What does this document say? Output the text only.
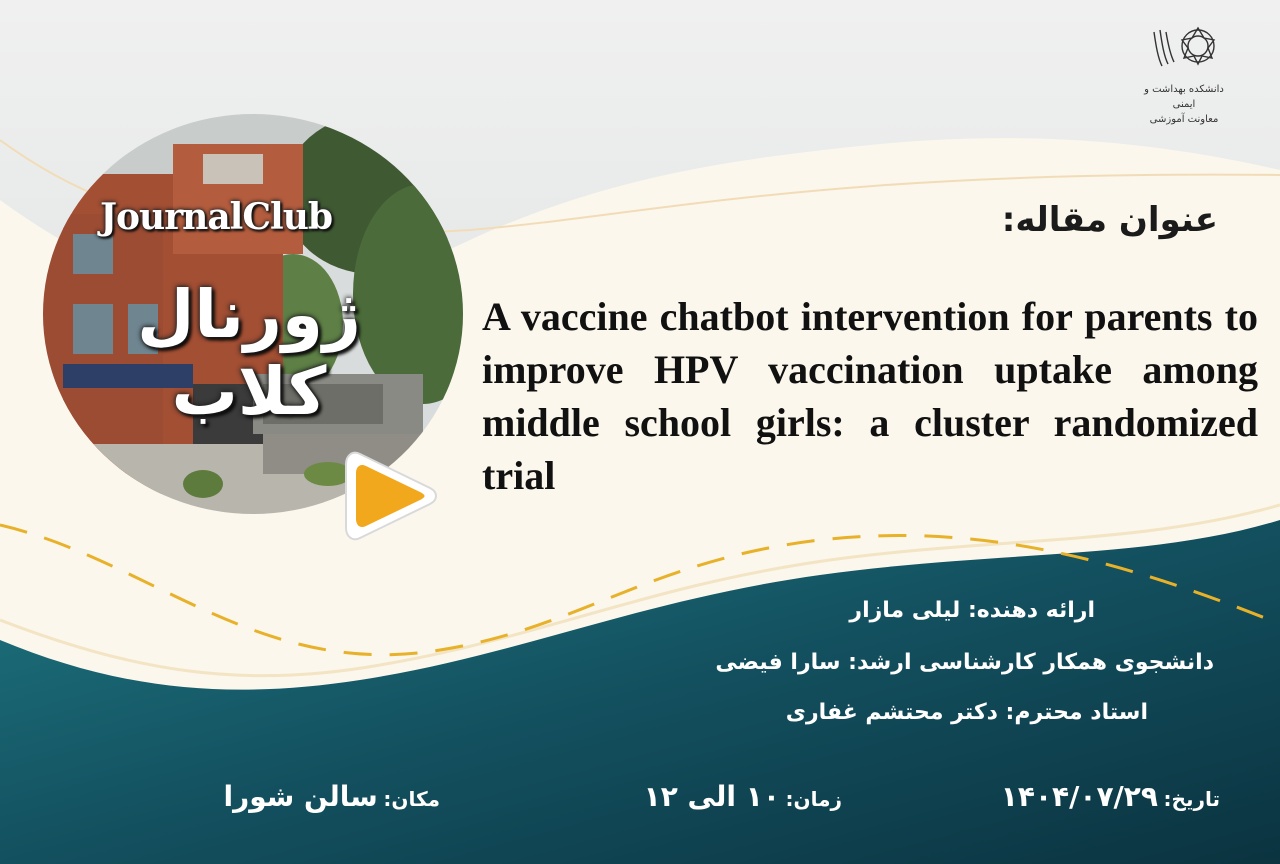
دانشکده بهداشت و ایمنی
معاونت آموزشی
JournalClub
ژورنال کلاب
عنوان مقاله:
A vaccine chatbot intervention for parents to improve HPV vaccination uptake among middle school girls: a cluster randomized trial
ارائه دهنده: لیلی مازار
دانشجوی همکار کارشناسی ارشد: سارا فیضی
استاد محترم: دکتر محتشم غفاری
تاریخ: ۱۴۰۴/۰۷/۲۹
زمان: ۱۰ الی ۱۲
مکان: سالن شورا
